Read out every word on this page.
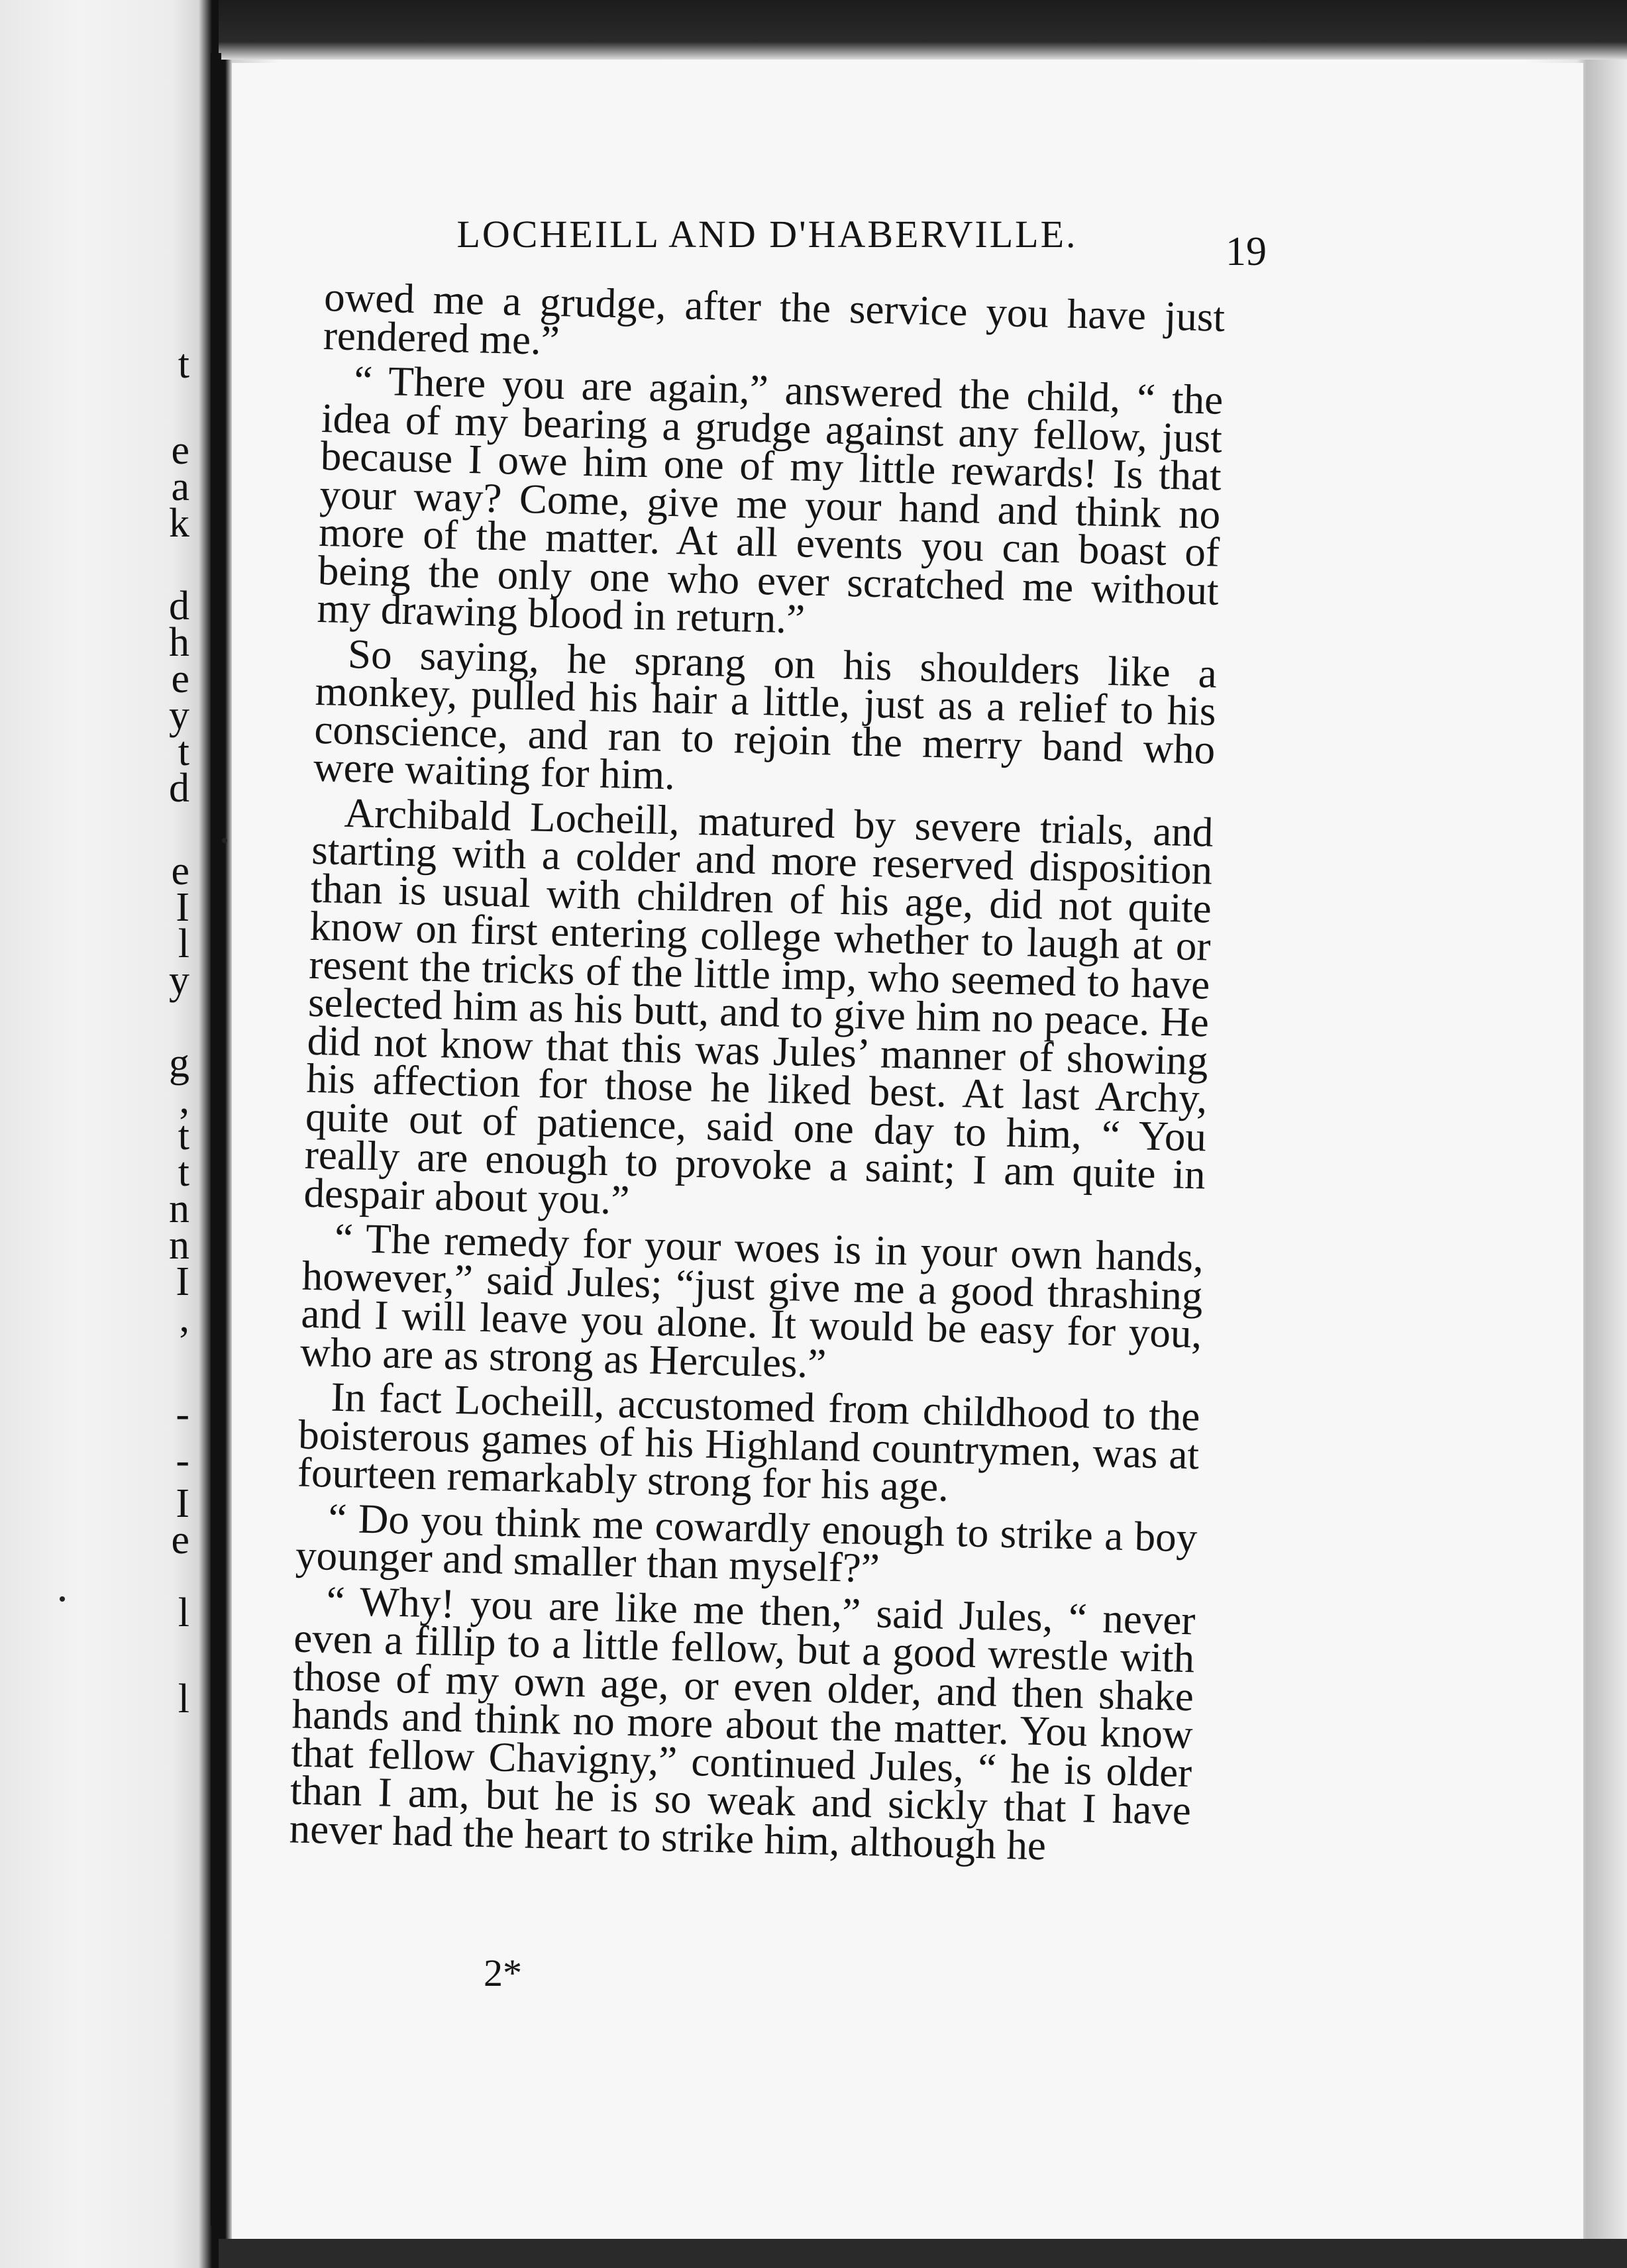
t
e
a
k
d
h
e
y
t
d
e
I
l
y
g
,
t
t
n
n
I
,
-
-
I
e
l
l
LOCHEILL AND D'HABERVILLE.	19

owed me a grudge, after the service you have just rendered me.”

“ There you are again,” answered the child, “ the idea of my bearing a grudge against any fellow, just because I owe him one of my little rewards! Is that your way? Come, give me your hand and think no more of the matter. At all events you can boast of being the only one who ever scratched me without my drawing blood in return.”

So saying, he sprang on his shoulders like a monkey, pulled his hair a little, just as a relief to his conscience, and ran to rejoin the merry band who were waiting for him.

Archibald Locheill, matured by severe trials, and starting with a colder and more reserved disposition than is usual with children of his age, did not quite know on first entering college whether to laugh at or resent the tricks of the little imp, who seemed to have selected him as his butt, and to give him no peace. He did not know that this was Jules’ manner of showing his affection for those he liked best. At last Archy, quite out of patience, said one day to him, “ You really are enough to provoke a saint; I am quite in despair about you.”

“ The remedy for your woes is in your own hands, however,” said Jules; “just give me a good thrashing and I will leave you alone. It would be easy for you, who are as strong as Hercules.”

In fact Locheill, accustomed from childhood to the boisterous games of his Highland countrymen, was at fourteen remarkably strong for his age.

“ Do you think me cowardly enough to strike a boy younger and smaller than myself?”

“ Why! you are like me then,” said Jules, “ never even a fillip to a little fellow, but a good wrestle with those of my own age, or even older, and then shake hands and think no more about the matter. You know that fellow Chavigny,” continued Jules, “ he is older than I am, but he is so weak and sickly that I have never had the heart to strike him, although he

2*
